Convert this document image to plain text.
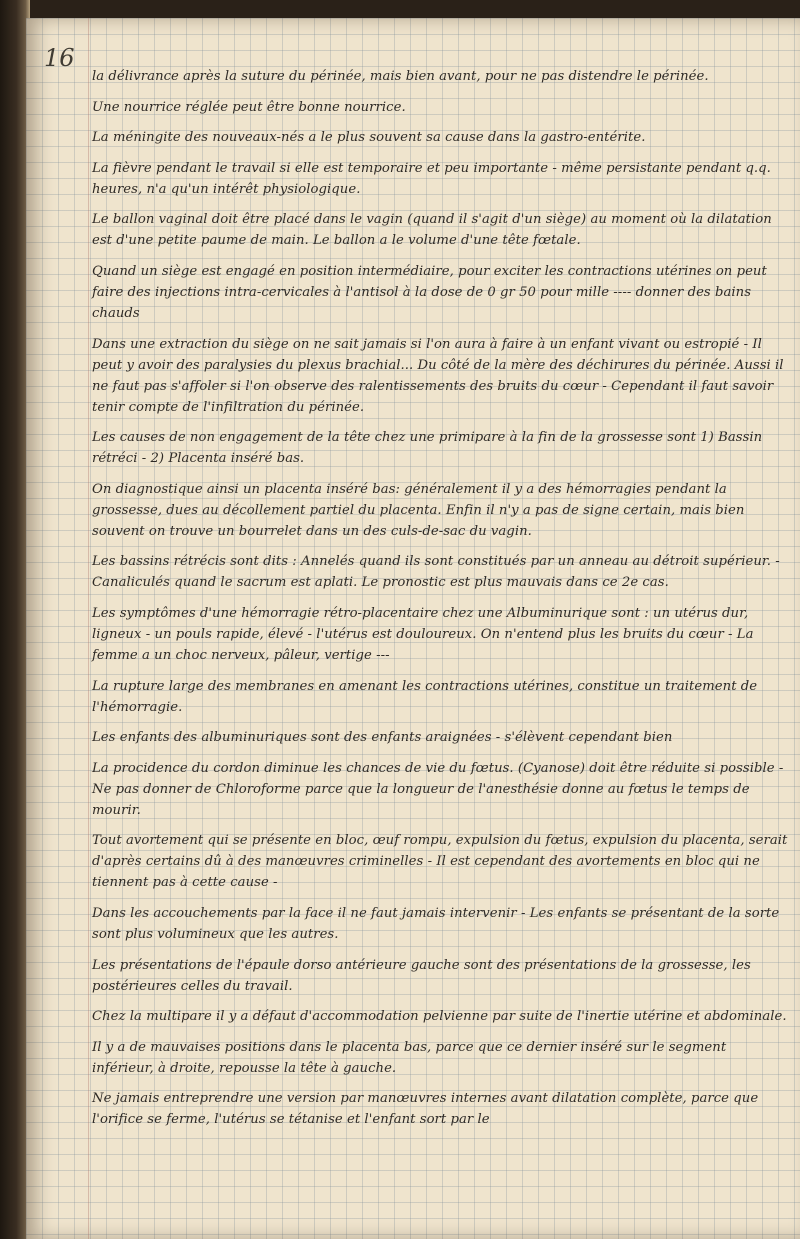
16

la délivrance après la suture du périnée, mais bien avant, pour ne pas distendre le périnée.

Une nourrice réglée peut être bonne nourrice.

La méningite des nouveaux-nés a le plus souvent sa cause dans la gastro-entérite.

La fièvre pendant le travail si elle est temporaire et peu importante - même persistante pendant q.q. heures, n'a qu'un intérêt physiologique.

Le ballon vaginal doit être placé dans le vagin (quand il s'agit d'un siège) au moment où la dilatation est d'une petite paume de main. Le ballon a le volume d'une tête fœtale.

Quand un siège est engagé en position intermédiaire, pour exciter les contractions utérines on peut faire des injections intra-cervicales à l'antisol à la dose de 0 gr 50 pour mille ---- donner des bains chauds

Dans une extraction du siège on ne sait jamais si l'on aura à faire à un enfant vivant ou estropié - Il peut y avoir des paralysies du plexus brachial... Du côté de la mère des déchirures du périnée. Aussi il ne faut pas s'affoler si l'on observe des ralentissements des bruits du cœur - Cependant il faut savoir tenir compte de l'infiltration du périnée.

Les causes de non engagement de la tête chez une primipare à la fin de la grossesse sont 1) Bassin rétréci - 2) Placenta inséré bas.

On diagnostique ainsi un placenta inséré bas: généralement il y a des hémorragies pendant la grossesse, dues au décollement partiel du placenta. Enfin il n'y a pas de signe certain, mais bien souvent on trouve un bourrelet dans un des culs-de-sac du vagin.

Les bassins rétrécis sont dits : Annelés quand ils sont constitués par un anneau au détroit supérieur. - Canaliculés quand le sacrum est aplati. Le pronostic est plus mauvais dans ce 2e cas.

Les symptômes d'une hémorragie rétro-placentaire chez une Albuminurique sont : un utérus dur, ligneux - un pouls rapide, élevé - l'utérus est douloureux. On n'entend plus les bruits du cœur - La femme a un choc nerveux, pâleur, vertige ---

La rupture large des membranes en amenant les contractions utérines, constitue un traitement de l'hémorragie.

Les enfants des albuminuriques sont des enfants araignées - s'élèvent cependant bien

La procidence du cordon diminue les chances de vie du fœtus. (Cyanose) doit être réduite si possible - Ne pas donner de Chloroforme parce que la longueur de l'anesthésie donne au fœtus le temps de mourir.

Tout avortement qui se présente en bloc, œuf rompu, expulsion du fœtus, expulsion du placenta, serait d'après certains dû à des manœuvres criminelles - Il est cependant des avortements en bloc qui ne tiennent pas à cette cause -

Dans les accouchements par la face il ne faut jamais intervenir - Les enfants se présentant de la sorte sont plus volumineux que les autres.

Les présentations de l'épaule dorso antérieure gauche sont des présentations de la grossesse, les postérieures celles du travail.

Chez la multipare il y a défaut d'accommodation pelvienne par suite de l'inertie utérine et abdominale.

Il y a de mauvaises positions dans le placenta bas, parce que ce dernier inséré sur le segment inférieur, à droite, repousse la tête à gauche.

Ne jamais entreprendre une version par manœuvres internes avant dilatation complète, parce que l'orifice se ferme, l'utérus se tétanise et l'enfant sort par le
